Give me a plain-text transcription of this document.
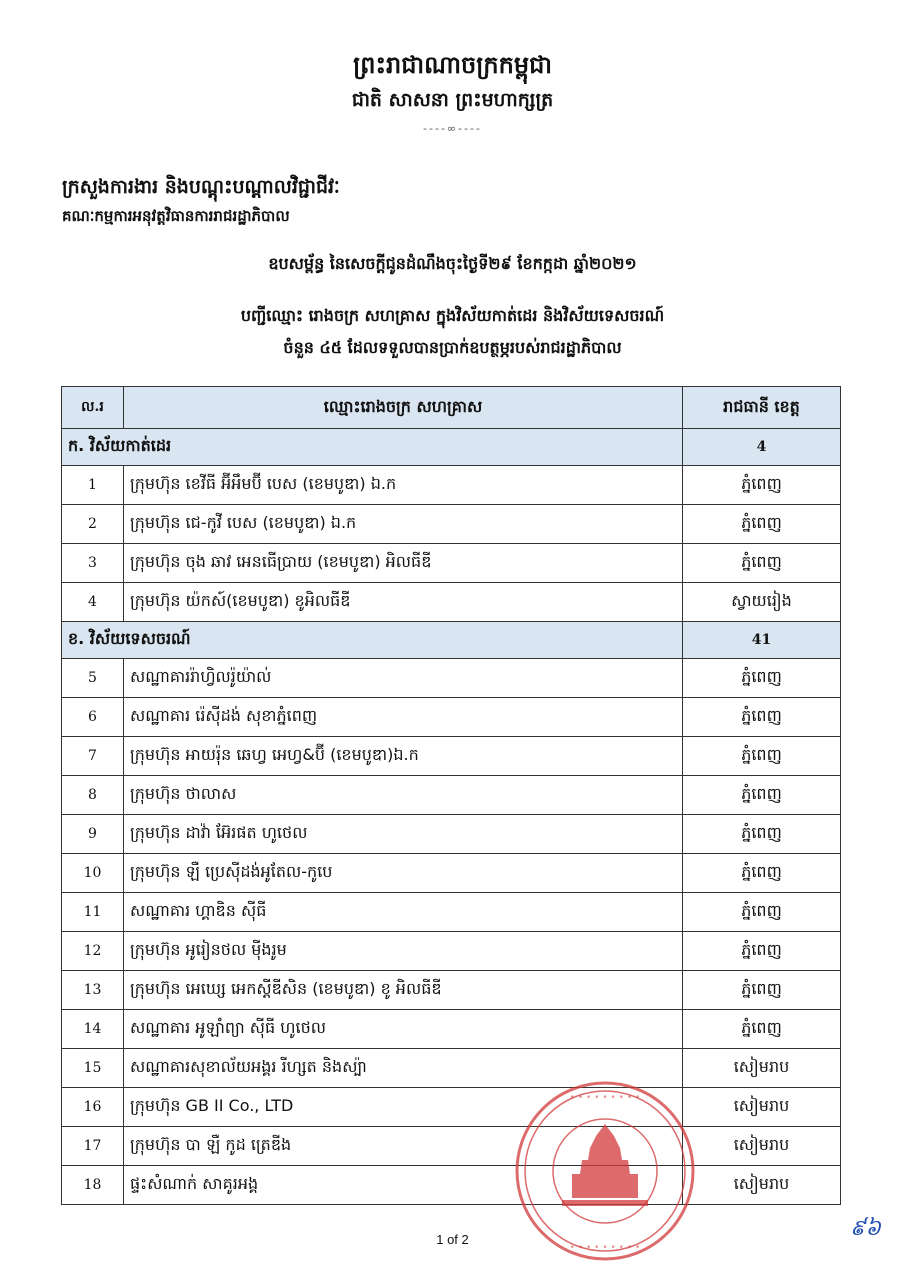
ព្រះរាជាណាចក្រកម្ពុជា
ជាតិ សាសនា ព្រះមហាក្សត្រ
----∞----
ក្រសួងការងារ និងបណ្តុះបណ្តាលវិជ្ជាជីវៈ
គណៈកម្មការអនុវត្តវិធានការរាជរដ្ឋាភិបាល
ឧបសម្ព័ន្ធ នៃសេចក្តីជូនដំណឹងចុះថ្ងៃទី២៩ ខែកក្កដា ឆ្នាំ២០២១
បញ្ជីឈ្មោះ រោងចក្រ សហគ្រាស ក្នុងវិស័យកាត់ដេរ និងវិស័យទេសចរណ៍
ចំនួន ៤៥ ដែលទទួលបានប្រាក់ឧបត្ថម្ភរបស់រាជរដ្ឋាភិបាល
ល.រ	ឈ្មោះរោងចក្រ សហគ្រាស	រាជធានី ខេត្ត
ក. វិស័យកាត់ដេរ		4
1	ក្រុមហ៊ុន ខេវីធី អ៊ីអឹមប៊ី បេស (ខេមបូឌា) ឯ.ក	ភ្នំពេញ
2	ក្រុមហ៊ុន ជេ-កូវី បេស (ខេមបូឌា) ឯ.ក	ភ្នំពេញ
3	ក្រុមហ៊ុន ចុង ឆាវ អេនធើប្រាយ (ខេមបូឌា) អិលធីឌី	ភ្នំពេញ
4	ក្រុមហ៊ុន យ៉កស៍(ខេមបូឌា) ខូអិលធីឌី	ស្វាយរៀង
ខ. វិស័យទេសចរណ៍		41
5	សណ្ឋាគាររ៉ាហ្វិលរ៉ូយ៉ាល់	ភ្នំពេញ
6	សណ្ឋាគារ រ៉េស៊ីដង់ សុខាភ្នំពេញ	ភ្នំពេញ
7	ក្រុមហ៊ុន អាយរ៉ុន ឆេហ្វ អេហ្វ&ប៊ី (ខេមបូឌា)ឯ.ក	ភ្នំពេញ
8	ក្រុមហ៊ុន ថាលាស	ភ្នំពេញ
9	ក្រុមហ៊ុន ដាវ៉ា អ៊ែរផត ហូថេល	ភ្នំពេញ
10	ក្រុមហ៊ុន ឡឺ ប្រេស៊ីដង់អូតែល-កូបេ	ភ្នំពេញ
11	សណ្ឋាគារ ហ្គាឌិន ស៊ីធី	ភ្នំពេញ
12	ក្រុមហ៊ុន អូរៀនថល ម៉ីងរូម	ភ្នំពេញ
13	ក្រុមហ៊ុន អេឃ្សេ អេកស្តីឌីសិន (ខេមបូឌា) ខូ អិលធីឌី	ភ្នំពេញ
14	សណ្ឋាគារ អូឡាំព្យា ស៊ីធី ហូថេល	ភ្នំពេញ
15	សណ្ឋាគារសុខាល័យអង្គរ រីហ្សត និងស្ប៉ា	សៀមរាប
16	ក្រុមហ៊ុន GB II Co., LTD	សៀមរាប
17	ក្រុមហ៊ុន បា ឡឺ កូដ ត្រេឌីង	សៀមរាប
18	ផ្ទះសំណាក់ សាគូរអង្គ	សៀមរាប
• • • • • • • • •
• • • • • • • • •
1 of 2	៩៦
